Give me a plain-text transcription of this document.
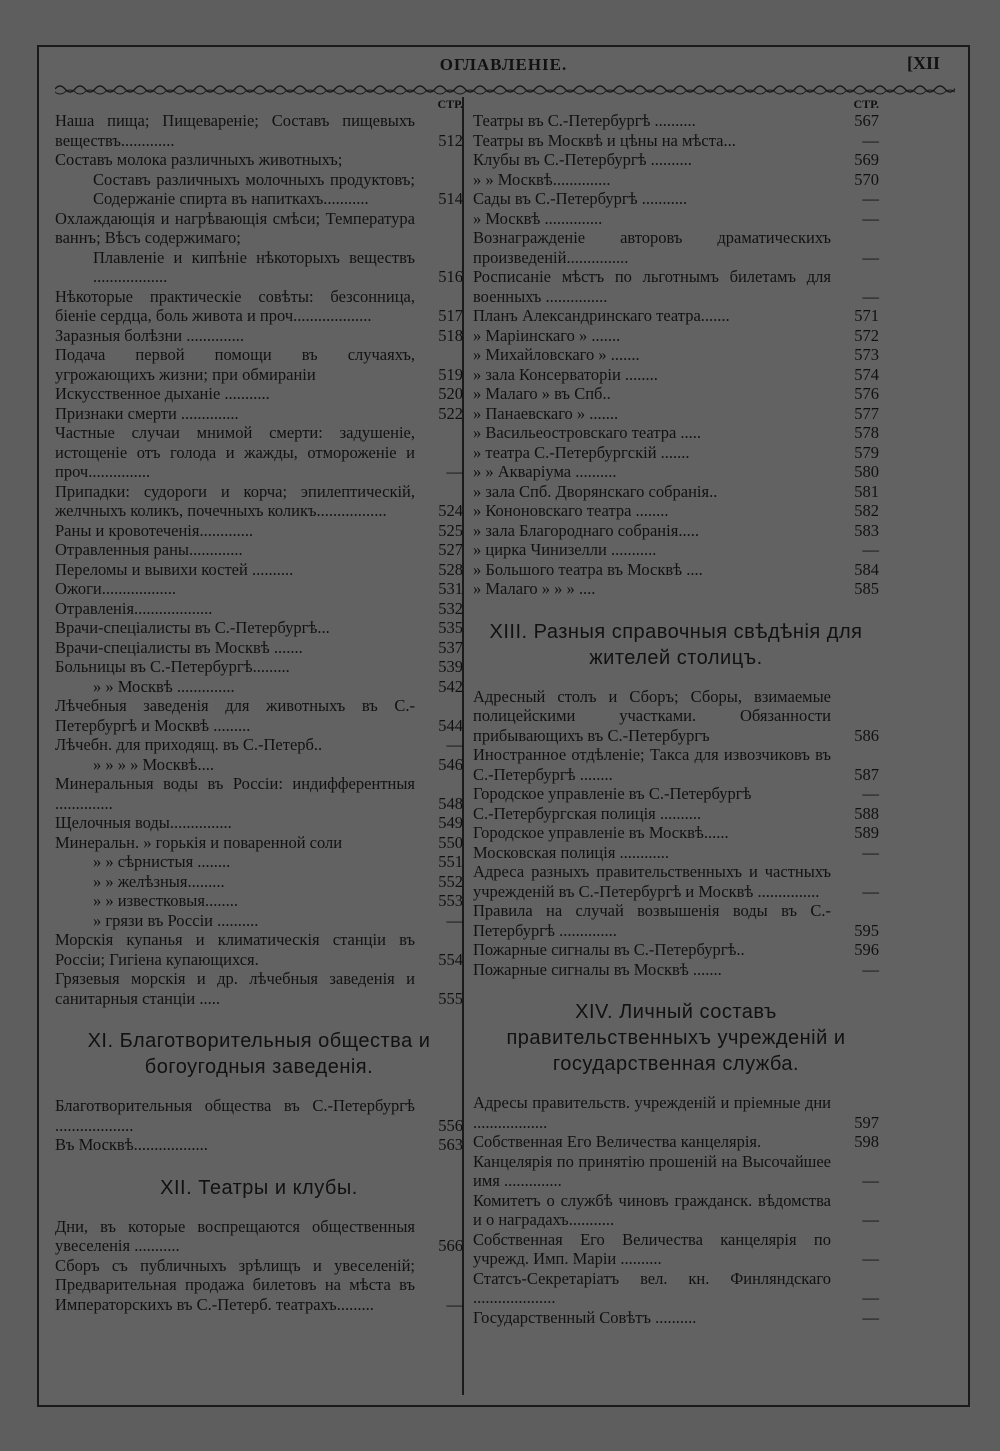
ОГЛАВЛЕНІЕ.	[XII
СТР.
Наша пища; Пищевареніе; Составъ пищевыхъ веществъ.............	512
Составъ молока различныхъ животныхъ;
Составъ различныхъ молочныхъ продуктовъ; Содержаніе спирта въ напиткахъ...........	514
Охлаждающія и нагрѣвающія смѣси; Температура ваннъ; Вѣсъ содержимаго;
Плавленіе и кипѣніе нѣкоторыхъ веществъ ..................	516
Нѣкоторые практическіе совѣты: безсонница, біеніе сердца, боль живота и проч...................	517
Заразныя болѣзни ..............	518
Подача первой помощи въ случаяхъ, угрожающихъ жизни; при обмираніи	519
Искусственное дыханіе ...........	520
Признаки смерти ..............	522
Частные случаи мнимой смерти: задушеніе, истощеніе отъ голода и жажды, отмороженіе и проч...............	—
Припадки: судороги и корча; эпилептическій, желчныхъ коликъ, почечныхъ коликъ.................	524
Раны и кровотеченія.............	525
Отравленныя раны.............	527
Переломы и вывихи костей ..........	528
Ожоги..................	531
Отравленія...................	532
Врачи-спеціалисты въ С.-Петербургѣ...	535
Врачи-спеціалисты въ Москвѣ .......	537
Больницы въ С.-Петербургѣ.........	539
» » Москвѣ ..............	542
Лѣчебныя заведенія для животныхъ въ С.-Петербургѣ и Москвѣ .........	544
Лѣчебн. для приходящ. въ С.-Петерб..	—
» » » » Москвѣ....	546
Минеральныя воды въ Россіи: индифферентныя ..............	548
Щелочныя воды...............	549
Минеральн. » горькія и поваренной соли	550
» » сѣрнистыя ........	551
» » желѣзныя.........	552
» » известковыя........	553
» грязи въ Россіи ..........	—
Морскія купанья и климатическія станціи въ Россіи; Гигіена купающихся.	554
Грязевыя морскія и др. лѣчебныя заведенія и санитарныя станціи .....	555
XI. Благотворительныя общества и богоугодныя заведенія.
Благотворительныя общества въ С.-Петербургѣ ...................	556
Въ Москвѣ..................	563
XII. Театры и клубы.
Дни, въ которые воспрещаются общественныя увеселенія ...........	566
Сборъ съ публичныхъ зрѣлищъ и увеселеній; Предварительная продажа билетовъ на мѣста въ Императорскихъ въ С.-Петерб. театрахъ.........	—
СТР.
Театры въ С.-Петербургѣ ..........	567
Театры въ Москвѣ и цѣны на мѣста...	—
Клубы въ С.-Петербургѣ ..........	569
» » Москвѣ..............	570
Сады въ С.-Петербургѣ ...........	—
» Москвѣ ..............	—
Вознагражденіе авторовъ драматическихъ произведеній...............	—
Росписаніе мѣстъ по льготнымъ билетамъ для военныхъ ...............	—
Планъ Александринскаго театра.......	571
» Маріинскаго » .......	572
» Михайловскаго » .......	573
» зала Консерваторіи ........	574
» Малаго » въ Спб..	576
» Панаевскаго » .......	577
» Васильеостровскаго театра .....	578
» театра С.-Петербургскій .......	579
» » Акваріума ..........	580
» зала Спб. Дворянскаго собранія..	581
» Кононовскаго театра ........	582
» зала Благороднаго собранія.....	583
» цирка Чинизелли ...........	—
» Большого театра въ Москвѣ ....	584
» Малаго » » » ....	585
XIII. Разныя справочныя свѣдѣнія для жителей столицъ.
Адресный столъ и Сборъ; Сборы, взимаемые полицейскими участками. Обязанности прибывающихъ въ С.-Петербургъ	586
Иностранное отдѣленіе; Такса для извозчиковъ въ С.-Петербургѣ ........	587
Городское управленіе въ С.-Петербургѣ	—
С.-Петербургская полиція ..........	588
Городское управленіе въ Москвѣ......	589
Московская полиція ............	—
Адреса разныхъ правительственныхъ и частныхъ учрежденій въ С.-Петербургѣ и Москвѣ ...............	—
Правила на случай возвышенія воды въ С.-Петербургѣ ..............	595
Пожарные сигналы въ С.-Петербургѣ..	596
Пожарные сигналы въ Москвѣ .......	—
XIV. Личный составъ правительственныхъ учрежденій и государственная служба.
Адресы правительств. учрежденій и пріемные дни ..................	597
Собственная Его Величества канцелярія.	598
Канцелярія по принятію прошеній на Высочайшее имя ..............	—
Комитетъ о службѣ чиновъ гражданск. вѣдомства и о наградахъ...........	—
Собственная Его Величества канцелярія по учрежд. Имп. Маріи ..........	—
Статсъ-Секретаріатъ вел. кн. Финляндскаго ....................	—
Государственный Совѣтъ ..........	—
